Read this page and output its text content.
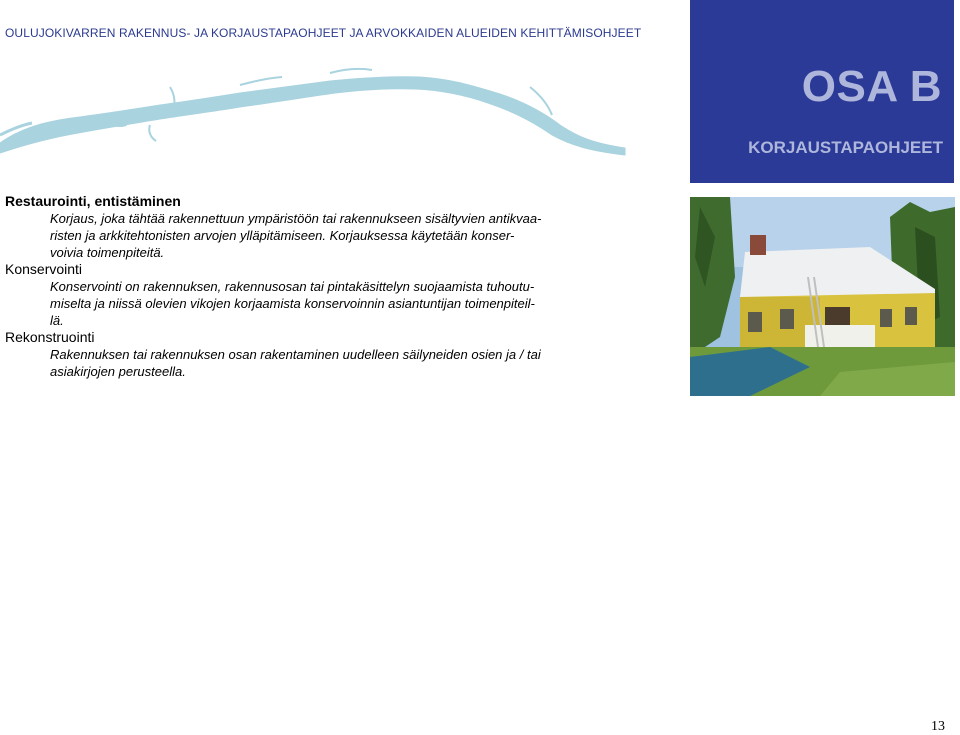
OULUJOKIVARREN RAKENNUS- JA KORJAUSTAPAOHJEET JA ARVOKKAIDEN ALUEIDEN KEHITTÄMISOHJEET
OSA B
KORJAUSTAPAOHJEET
Restaurointi, entistäminen
Korjaus, joka tähtää rakennettuun ympäristöön tai rakennukseen sisältyvien antikvaa-
risten ja arkkitehtonisten arvojen ylläpitämiseen. Korjauksessa käytetään konser-
voivia toimenpiteitä.
Konservointi
Konservointi on rakennuksen, rakennusosan tai pintakäsittelyn suojaamista tuhoutu-
miselta ja niissä olevien vikojen korjaamista konservoinnin asiantuntijan toimenpiteil-
lä.
Rekonstruointi
Rakennuksen tai rakennuksen osan rakentaminen uudelleen säilyneiden osien ja / tai
asiakirjojen perusteella.
13
